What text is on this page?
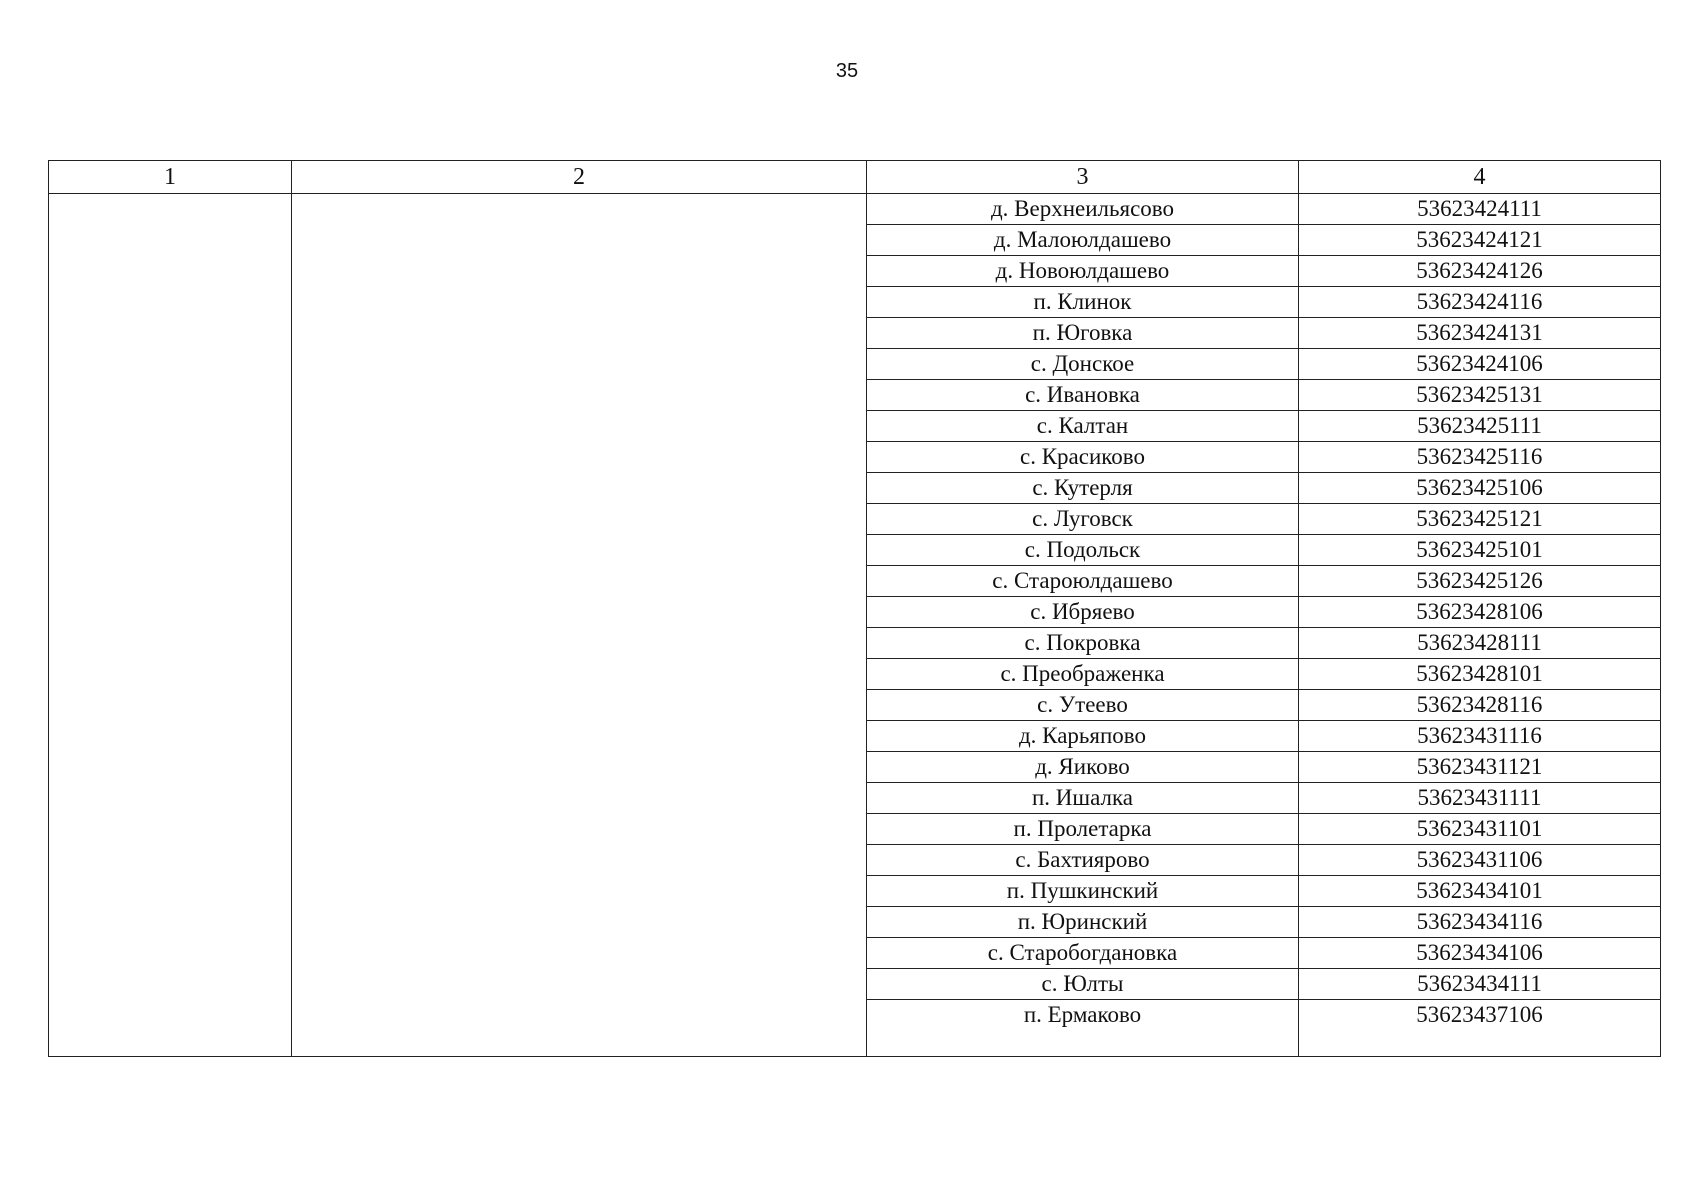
35
1	2	3	4
		д. Верхнеильясово	53623424111
		д. Малоюлдашево	53623424121
		д. Новоюлдашево	53623424126
		п. Клинок	53623424116
		п. Юговка	53623424131
		с. Донское	53623424106
		с. Ивановка	53623425131
		с. Калтан	53623425111
		с. Красиково	53623425116
		с. Кутерля	53623425106
		с. Луговск	53623425121
		с. Подольск	53623425101
		с. Староюлдашево	53623425126
		с. Ибряево	53623428106
		с. Покровка	53623428111
		с. Преображенка	53623428101
		с. Утеево	53623428116
		д. Карьяпово	53623431116
		д. Яиково	53623431121
		п. Ишалка	53623431111
		п. Пролетарка	53623431101
		с. Бахтиярово	53623431106
		п. Пушкинский	53623434101
		п. Юринский	53623434116
		с. Старобогдановка	53623434106
		с. Юлты	53623434111
		п. Ермаково	53623437106
